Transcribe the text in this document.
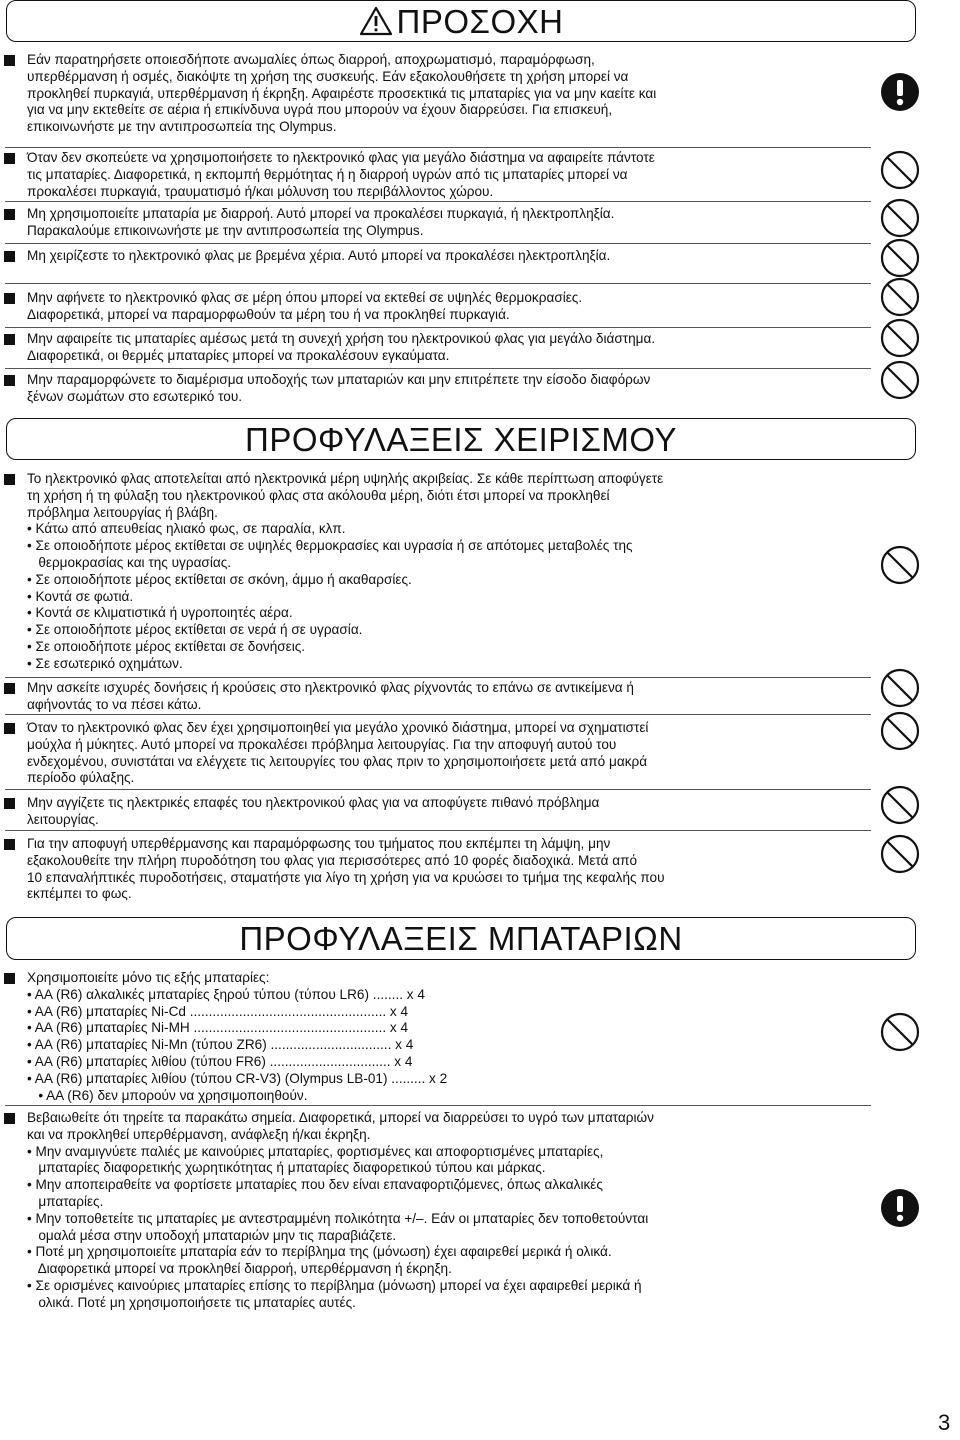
ΠΡΟΣΟΧΗ
ΠΡΟΦΥΛΑΞΕΙΣ ΧΕΙΡΙΣΜΟΥ
ΠΡΟΦΥΛΑΞΕΙΣ ΜΠΑΤΑΡΙΩΝ
Εάν παρατηρήσετε οποιεσδήποτε ανωμαλίες όπως διαρροή, αποχρωματισμό, παραμόρφωση,
υπερθέρμανση ή οσμές, διακόψτε τη χρήση της συσκευής. Εάν εξακολουθήσετε τη χρήση μπορεί να
προκληθεί πυρκαγιά, υπερθέρμανση ή έκρηξη. Αφαιρέστε προσεκτικά τις μπαταρίες για να μην καείτε και
για να μην εκτεθείτε σε αέρια ή επικίνδυνα υγρά που μπορούν να έχουν διαρρεύσει. Για επισκευή,
επικοινωνήστε με την αντιπροσωπεία της Olympus.
Όταν δεν σκοπεύετε να χρησιμοποιήσετε το ηλεκτρονικό φλας για μεγάλο διάστημα να αφαιρείτε πάντοτε
τις μπαταρίες. Διαφορετικά, η εκπομπή θερμότητας ή η διαρροή υγρών από τις μπαταρίες μπορεί να
προκαλέσει πυρκαγιά, τραυματισμό ή/και μόλυνση του περιβάλλοντος χώρου.
Μη χρησιμοποιείτε μπαταρία με διαρροή. Αυτό μπορεί να προκαλέσει πυρκαγιά, ή ηλεκτροπληξία.
Παρακαλούμε επικοινωνήστε με την αντιπροσωπεία της Olympus.
Μη χειρίζεστε το ηλεκτρονικό φλας με βρεμένα χέρια. Αυτό μπορεί να προκαλέσει ηλεκτροπληξία.
Μην αφήνετε το ηλεκτρονικό φλας σε μέρη όπου μπορεί να εκτεθεί σε υψηλές θερμοκρασίες.
Διαφορετικά, μπορεί να παραμορφωθούν τα μέρη του ή να προκληθεί πυρκαγιά.
Μην αφαιρείτε τις μπαταρίες αμέσως μετά τη συνεχή χρήση του ηλεκτρονικού φλας για μεγάλο διάστημα.
Διαφορετικά, οι θερμές μπαταρίες μπορεί να προκαλέσουν εγκαύματα.
Μην παραμορφώνετε το διαμέρισμα υποδοχής των μπαταριών και μην επιτρέπετε την είσοδο διαφόρων
ξένων σωμάτων στο εσωτερικό του.
Το ηλεκτρονικό φλας αποτελείται από ηλεκτρονικά μέρη υψηλής ακριβείας. Σε κάθε περίπτωση αποφύγετε
τη χρήση ή τη φύλαξη του ηλεκτρονικού φλας στα ακόλουθα μέρη, διότι έτσι μπορεί να προκληθεί
πρόβλημα λειτουργίας ή βλάβη.
• Κάτω από απευθείας ηλιακό φως, σε παραλία, κλπ.
• Σε οποιοδήποτε μέρος εκτίθεται σε υψηλές θερμοκρασίες και υγρασία ή σε απότομες μεταβολές της
θερμοκρασίας και της υγρασίας.
• Σε οποιοδήποτε μέρος εκτίθεται σε σκόνη, άμμο ή ακαθαρσίες.
• Κοντά σε φωτιά.
• Κοντά σε κλιματιστικά ή υγροποιητές αέρα.
• Σε οποιοδήποτε μέρος εκτίθεται σε νερά ή σε υγρασία.
• Σε οποιοδήποτε μέρος εκτίθεται σε δονήσεις.
• Σε εσωτερικό οχημάτων.
Μην ασκείτε ισχυρές δονήσεις ή κρούσεις στο ηλεκτρονικό φλας ρίχνοντάς το επάνω σε αντικείμενα ή
αφήνοντάς το να πέσει κάτω.
Όταν το ηλεκτρονικό φλας δεν έχει χρησιμοποιηθεί για μεγάλο χρονικό διάστημα, μπορεί να σχηματιστεί
μούχλα ή μύκητες. Αυτό μπορεί να προκαλέσει πρόβλημα λειτουργίας. Για την αποφυγή αυτού του
ενδεχομένου, συνιστάται να ελέγχετε τις λειτουργίες του φλας πριν το χρησιμοποιήσετε μετά από μακρά
περίοδο φύλαξης.
Μην αγγίζετε τις ηλεκτρικές επαφές του ηλεκτρονικού φλας για να αποφύγετε πιθανό πρόβλημα
λειτουργίας.
Για την αποφυγή υπερθέρμανσης και παραμόρφωσης του τμήματος που εκπέμπει τη λάμψη, μην
εξακολουθείτε την πλήρη πυροδότηση του φλας για περισσότερες από 10 φορές διαδοχικά. Μετά από
10 επαναλήπτικές πυροδοτήσεις, σταματήστε για λίγο τη χρήση για να κρυώσει το τμήμα της κεφαλής που
εκπέμπει το φως.
Χρησιμοποιείτε μόνο τις εξής μπαταρίες:
• AA (R6) αλκαλικές μπαταρίες ξηρού τύπου (τύπου LR6) ........ x 4
• AA (R6) μπαταρίες Ni-Cd .................................................... x 4
• AA (R6) μπαταρίες Ni-MH ................................................... x 4
• AA (R6) μπαταρίες Ni-Mn (τύπου ZR6) ................................ x 4
• AA (R6) μπαταρίες λιθίου (τύπου FR6) ................................ x 4
• AA (R6) μπαταρίες λιθίου (τύπου CR-V3) (Olympus LB-01) ......... x 2
• AA (R6) δεν μπορούν να χρησιμοποιηθούν.
Βεβαιωθείτε ότι τηρείτε τα παρακάτω σημεία. Διαφορετικά, μπορεί να διαρρεύσει το υγρό των μπαταριών
και να προκληθεί υπερθέρμανση, ανάφλεξη ή/και έκρηξη.
• Μην αναμιγνύετε παλιές με καινούριες μπαταρίες, φορτισμένες και αποφορτισμένες μπαταρίες,
μπαταρίες διαφορετικής χωρητικότητας ή μπαταρίες διαφορετικού τύπου και μάρκας.
• Μην αποπειραθείτε να φορτίσετε μπαταρίες που δεν είναι επαναφορτιζόμενες, όπως αλκαλικές
μπαταρίες.
• Μην τοποθετείτε τις μπαταρίες με αντεστραμμένη πολικότητα +/–. Εάν οι μπαταρίες δεν τοποθετούνται
ομαλά μέσα στην υποδοχή μπαταριών μην τις παραβιάζετε.
• Ποτέ μη χρησιμοποιείτε μπαταρία εάν το περίβλημα της (μόνωση) έχει αφαιρεθεί μερικά ή ολικά.
Διαφορετικά μπορεί να προκληθεί διαρροή, υπερθέρμανση ή έκρηξη.
• Σε ορισμένες καινούριες μπαταρίες επίσης το περίβλημα (μόνωση) μπορεί να έχει αφαιρεθεί μερικά ή
ολικά. Ποτέ μη χρησιμοποιήσετε τις μπαταρίες αυτές.
3
